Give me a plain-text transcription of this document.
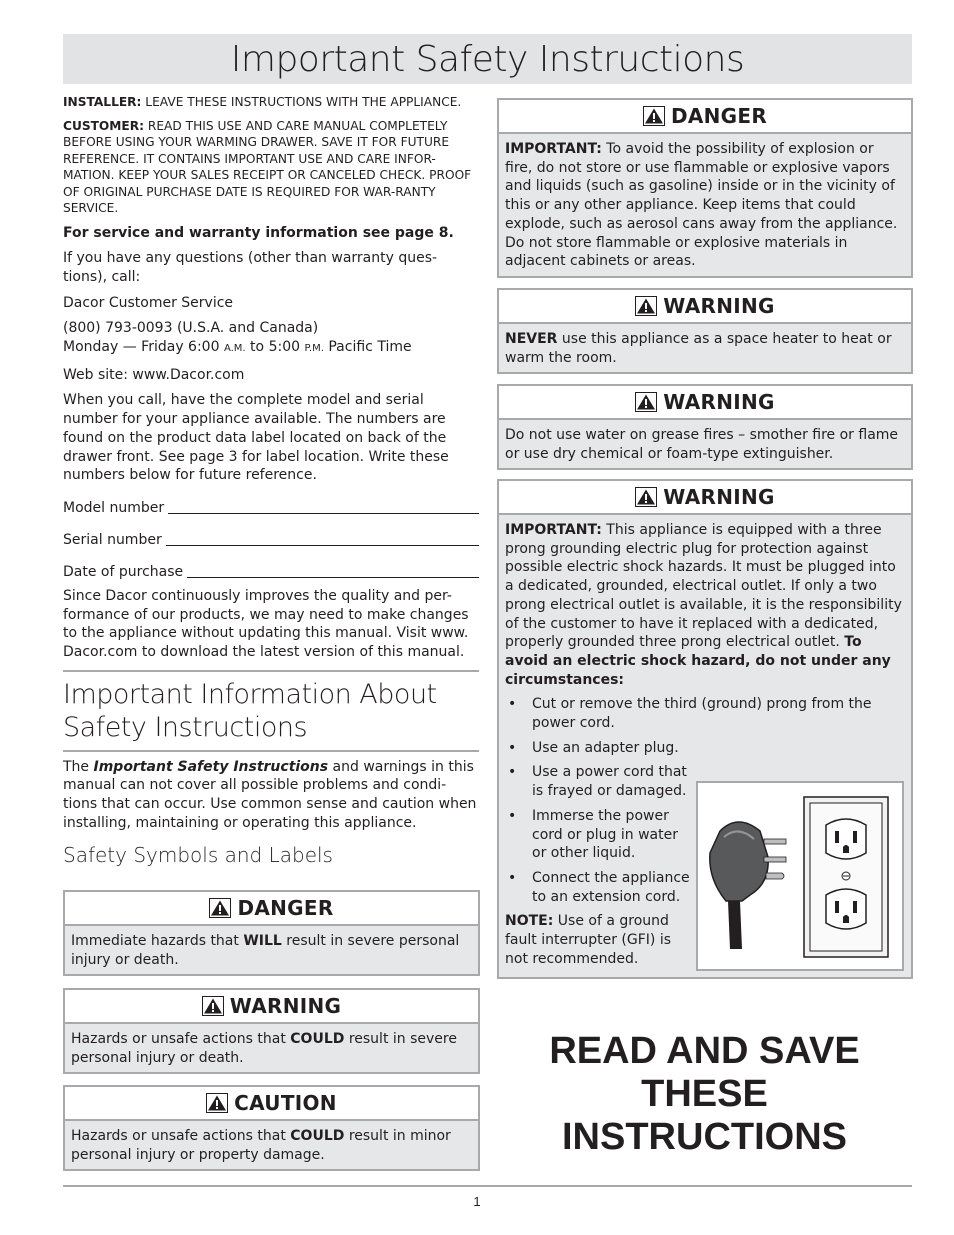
Important Safety Instructions

INSTALLER: LEAVE THESE INSTRUCTIONS WITH THE APPLIANCE.

CUSTOMER: READ THIS USE AND CARE MANUAL COMPLETELY BEFORE USING YOUR WARMING DRAWER. SAVE IT FOR FUTURE REFERENCE. IT CONTAINS IMPORTANT USE AND CARE INFOR-MATION. KEEP YOUR SALES RECEIPT OR CANCELED CHECK. PROOF OF ORIGINAL PURCHASE DATE IS REQUIRED FOR WAR-RANTY SERVICE.

For service and warranty information see page 8.

If you have any questions (other than warranty ques-tions), call:

Dacor Customer Service

(800) 793-0093 (U.S.A. and Canada)
Monday — Friday 6:00 A.M. to 5:00 P.M. Pacific Time

Web site: www.Dacor.com

When you call, have the complete model and serial number for your appliance available. The numbers are found on the product data label located on back of the drawer front. See page 3 for label location. Write these numbers below for future reference.

Model number
Serial number
Date of purchase

Since Dacor continuously improves the quality and per-formance of our products, we may need to make changes to the appliance without updating this manual. Visit www. Dacor.com to download the latest version of this manual.

Important Information About Safety Instructions

The Important Safety Instructions and warnings in this manual can not cover all possible problems and condi-tions that can occur. Use common sense and caution when installing, maintaining or operating this appliance.

Safety Symbols and Labels
DANGER
Immediate hazards that WILL result in severe personal injury or death.
WARNING
Hazards or unsafe actions that COULD result in severe personal injury or death.
CAUTION
Hazards or unsafe actions that COULD result in minor personal injury or property damage.
DANGER
IMPORTANT: To avoid the possibility of explosion or fire, do not store or use flammable or explosive vapors and liquids (such as gasoline) inside or in the vicinity of this or any other appliance. Keep items that could explode, such as aerosol cans away from the appliance. Do not store flammable or explosive materials in adjacent cabinets or areas.
WARNING
NEVER use this appliance as a space heater to heat or warm the room.
WARNING
Do not use water on grease fires – smother fire or flame or use dry chemical or foam-type extinguisher.
WARNING
IMPORTANT: This appliance is equipped with a three prong grounding electric plug for protection against possible electric shock hazards. It must be plugged into a dedicated, grounded, electrical outlet. If only a two prong electrical outlet is available, it is the responsibility of the customer to have it replaced with a dedicated, properly grounded three prong electrical outlet. To avoid an electric shock hazard, do not under any circumstances:
• Cut or remove the third (ground) prong from the power cord.
• Use an adapter plug.
• Use a power cord that is frayed or damaged.
• Immerse the power cord or plug in water or other liquid.
• Connect the appliance to an extension cord.
NOTE: Use of a ground fault interrupter (GFI) is not recommended.
READ AND SAVE
THESE INSTRUCTIONS
1
